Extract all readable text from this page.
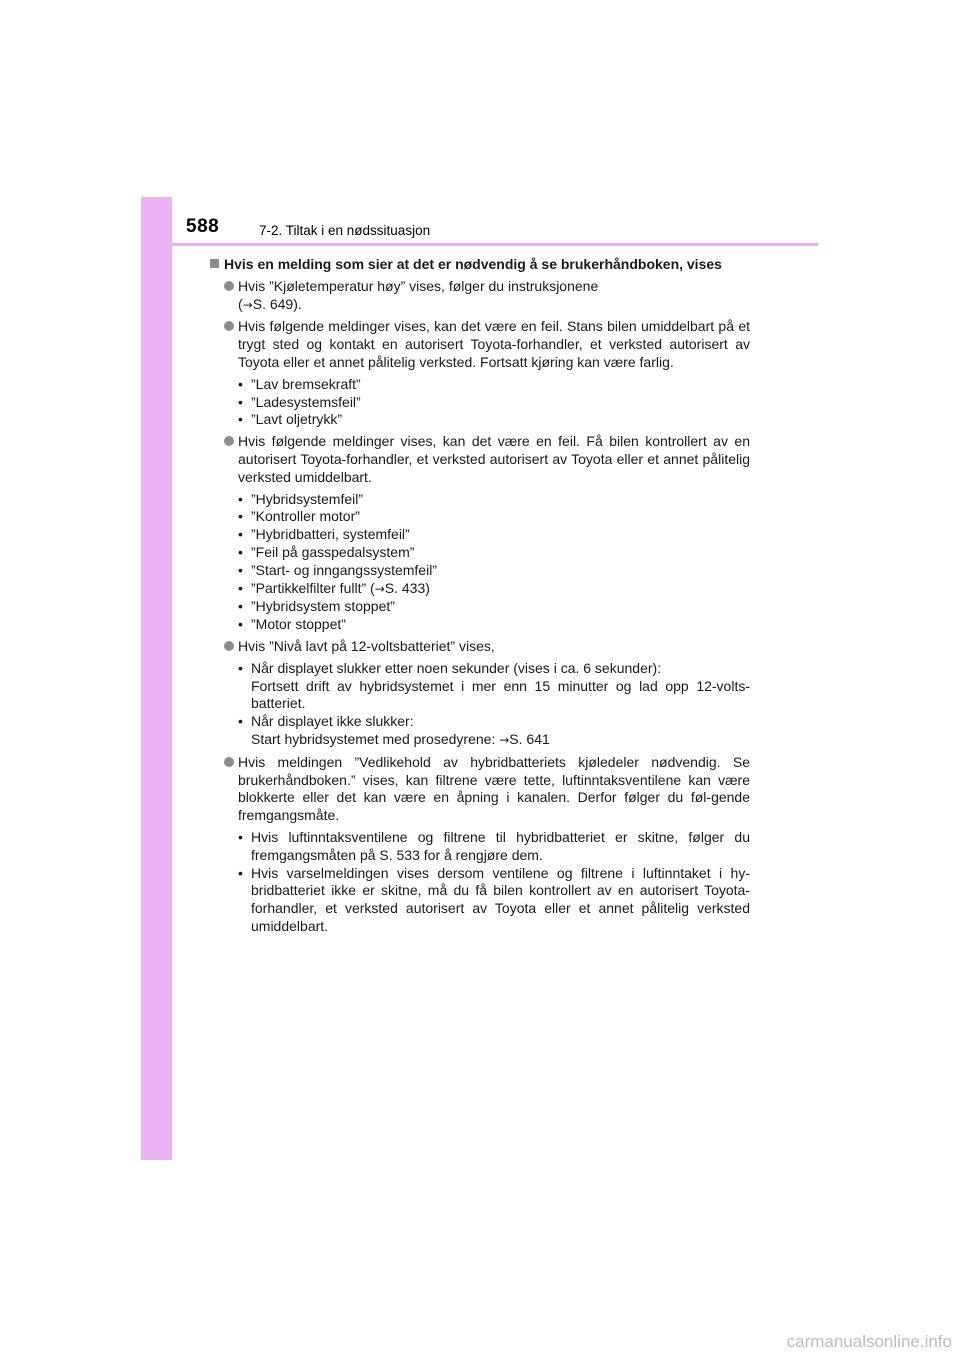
588	7-2. Tiltak i en nødssituasjon
Hvis en melding som sier at det er nødvendig å se brukerhåndboken, vises
Hvis ”Kjøletemperatur høy” vises, følger du instruksjonene
(→S. 649).
Hvis følgende meldinger vises, kan det være en feil. Stans bilen umiddelbart på et trygt sted og kontakt en autorisert Toyota-forhandler, et verksted autorisert av Toyota eller et annet pålitelig verksted. Fortsatt kjøring kan være farlig.
• ”Lav bremsekraft”
• ”Ladesystemsfeil”
• ”Lavt oljetrykk”
Hvis følgende meldinger vises, kan det være en feil. Få bilen kontrollert av en autorisert Toyota-forhandler, et verksted autorisert av Toyota eller et annet pålitelig verksted umiddelbart.
• ”Hybridsystemfeil”
• ”Kontroller motor”
• ”Hybridbatteri, systemfeil”
• ”Feil på gasspedalsystem”
• ”Start- og inngangssystemfeil”
• ”Partikkelfilter fullt” (→S. 433)
• ”Hybridsystem stoppet”
• ”Motor stoppet”
Hvis ”Nivå lavt på 12-voltsbatteriet” vises,
• Når displayet slukker etter noen sekunder (vises i ca. 6 sekunder):
Fortsett drift av hybridsystemet i mer enn 15 minutter og lad opp 12-volts-batteriet.
• Når displayet ikke slukker:
Start hybridsystemet med prosedyrene: →S. 641
Hvis meldingen ”Vedlikehold av hybridbatteriets kjøledeler nødvendig. Se brukerhåndboken.” vises, kan filtrene være tette, luftinntaksventilene kan være blokkerte eller det kan være en åpning i kanalen. Derfor følger du føl-gende fremgangsmåte.
• Hvis luftinntaksventilene og filtrene til hybridbatteriet er skitne, følger du fremgangsmåten på S. 533 for å rengjøre dem.
• Hvis varselmeldingen vises dersom ventilene og filtrene i luftinntaket i hy-bridbatteriet ikke er skitne, må du få bilen kontrollert av en autorisert Toyota-forhandler, et verksted autorisert av Toyota eller et annet pålitelig verksted umiddelbart.
carmanualsonline.info
